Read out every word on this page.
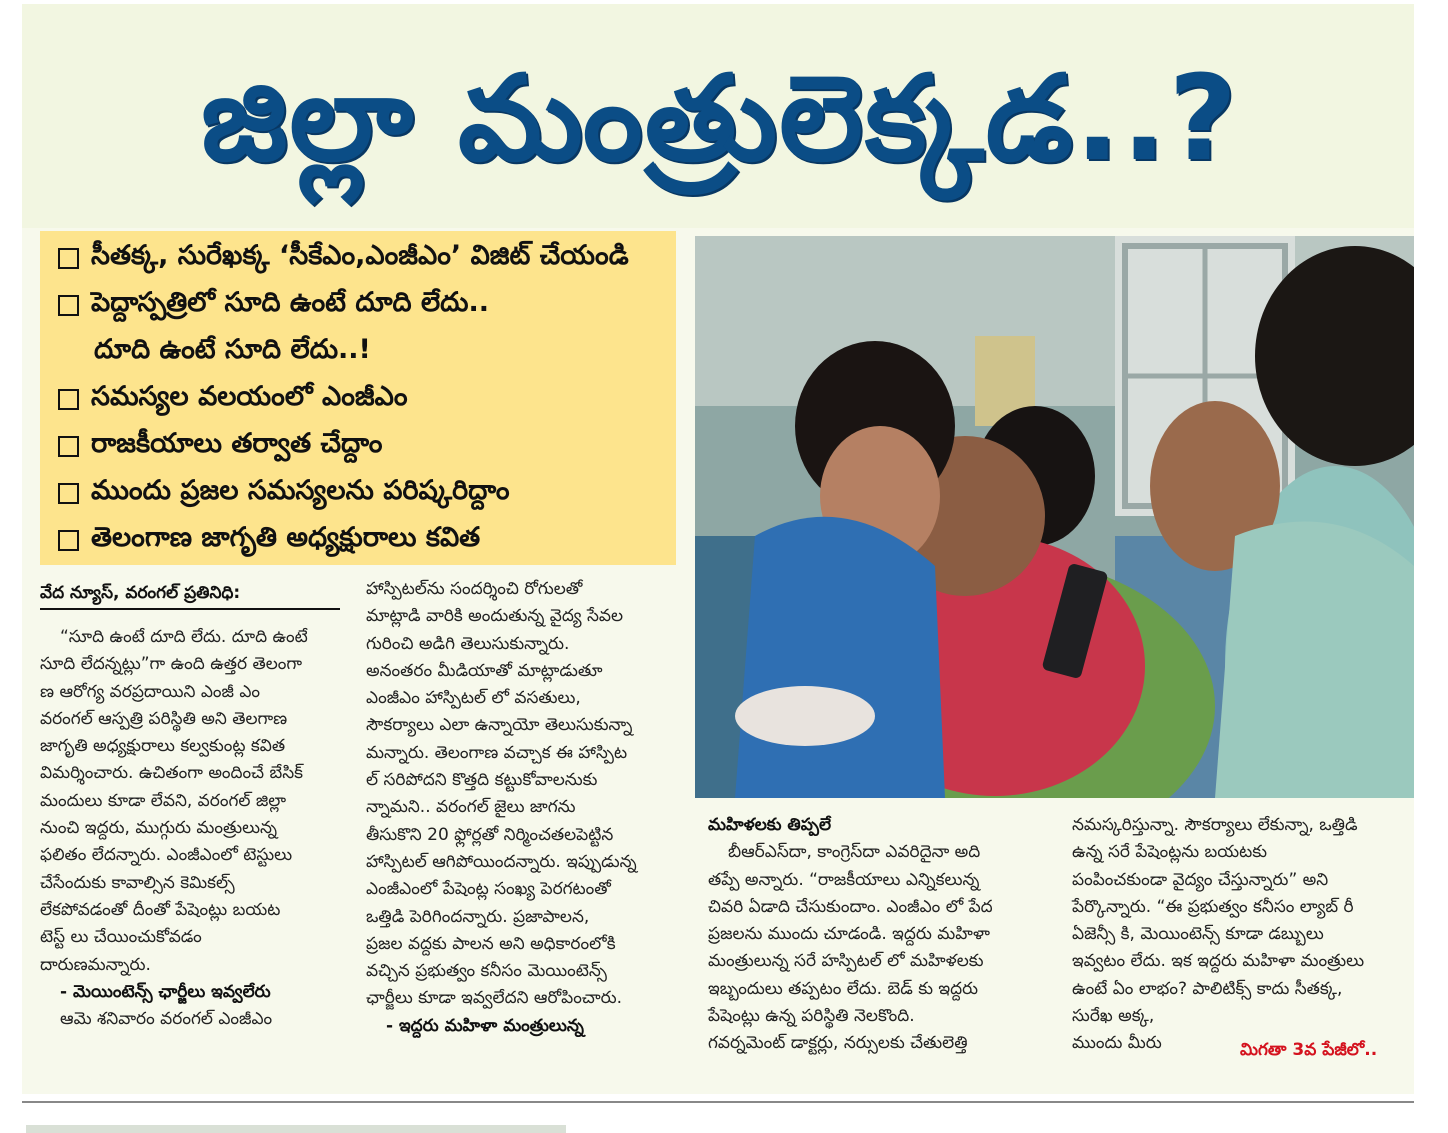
జిల్లా మంత్రులెక్కడ..?
సీతక్క, సురేఖక్క ‘సీకేఎం,ఎంజీఎం’ విజిట్ చేయండి
పెద్దాస్పత్రిలో సూది ఉంటే దూది లేదు..
దూది ఉంటే సూది లేదు..!
సమస్యల వలయంలో ఎంజీఎం
రాజకీయాలు తర్వాత చేద్దాం
ముందు ప్రజల సమస్యలను పరిష్కరిద్దాం
తెలంగాణ జాగృతి అధ్యక్షురాలు కవిత
వేద న్యూస్, వరంగల్ ప్రతినిధి:

“సూది ఉంటే దూది లేదు. దూది ఉంటే

సూది లేదన్నట్లు”గా ఉంది ఉత్తర తెలంగా

ణ ఆరోగ్య వరప్రదాయిని ఎంజీ ఎం

వరంగల్ ఆస్పత్రి పరిస్థితి అని తెలగాణ

జాగృతి అధ్యక్షురాలు కల్వకుంట్ల కవిత

విమర్శించారు. ఉచితంగా అందించే బేసిక్

మందులు కూడా లేవని, వరంగల్ జిల్లా

నుంచి ఇద్దరు, ముగ్గురు మంత్రులున్న

ఫలితం లేదన్నారు. ఎంజీఎంలో టెస్టులు

చేసేందుకు కావాల్సిన కెమికల్స్

లేకపోవడంతో దీంతో పేషెంట్లు బయట

టెస్ట్ లు చేయించుకోవడం

దారుణమన్నారు.

- మెయింటెన్స్ ఛార్జీలు ఇవ్వలేరు

ఆమె శనివారం వరంగల్ ఎంజీఎం

హాస్పిటల్‌ను సందర్శించి రోగులతో

మాట్లాడి వారికి అందుతున్న వైద్య సేవల

గురించి అడిగి తెలుసుకున్నారు.

అనంతరం మీడియాతో మాట్లాడుతూ

ఎంజీఎం హాస్పిటల్ లో వసతులు,

సౌకర్యాలు ఎలా ఉన్నాయో తెలుసుకున్నా

మన్నారు. తెలంగాణ వచ్చాక ఈ హాస్పిట

ల్ సరిపోదని కొత్తది కట్టుకోవాలనుకు

న్నామని.. వరంగల్ జైలు జాగను

తీసుకొని 20 ఫ్లోర్లతో నిర్మించతలపెట్టిన

హాస్పిటల్ ఆగిపోయిందన్నారు. ఇప్పుడున్న

ఎంజీఎంలో పేషెంట్ల సంఖ్య పెరగటంతో

ఒత్తిడి పెరిగిందన్నారు. ప్రజాపాలన,

ప్రజల వద్దకు పాలన అని అధికారంలోకి

వచ్చిన ప్రభుత్వం కనీసం మెయింటెన్స్

ఛార్జీలు కూడా ఇవ్వలేదని ఆరోపించారు.

- ఇద్దరు మహిళా మంత్రులున్న

మహిళలకు తిప్పలే

బీఆర్ఎస్‌దా, కాంగ్రెస్‌దా ఎవరిదైనా అది

తప్పే అన్నారు. “రాజకీయాలు ఎన్నికలున్న

చివరి ఏడాది చేసుకుందాం. ఎంజీఎం లో పేద

ప్రజలను ముందు చూడండి. ఇద్దరు మహిళా

మంత్రులున్న సరే హస్పిటల్ లో మహిళలకు

ఇబ్బందులు తప్పటం లేదు. బెడ్ కు ఇద్దరు

పేషెంట్లు ఉన్న పరిస్థితి నెలకొంది.

గవర్నమెంట్ డాక్టర్లు, నర్సులకు చేతులెత్తి

నమస్కరిస్తున్నా. సౌకర్యాలు లేకున్నా, ఒత్తిడి

ఉన్న సరే పేషెంట్లను బయటకు

పంపించకుండా వైద్యం చేస్తున్నారు” అని

పేర్కొన్నారు. “ఈ ప్రభుత్వం కనీసం ల్యాబ్ రీ

ఏజెన్సీ కి, మెయింటెన్స్ కూడా డబ్బులు

ఇవ్వటం లేదు. ఇక ఇద్దరు మహిళా మంత్రులు

ఉంటే ఏం లాభం? పాలిటిక్స్ కాదు సీతక్క,

సురేఖ అక్క,

ముందు మీరు	మిగతా 3వ పేజీలో..
